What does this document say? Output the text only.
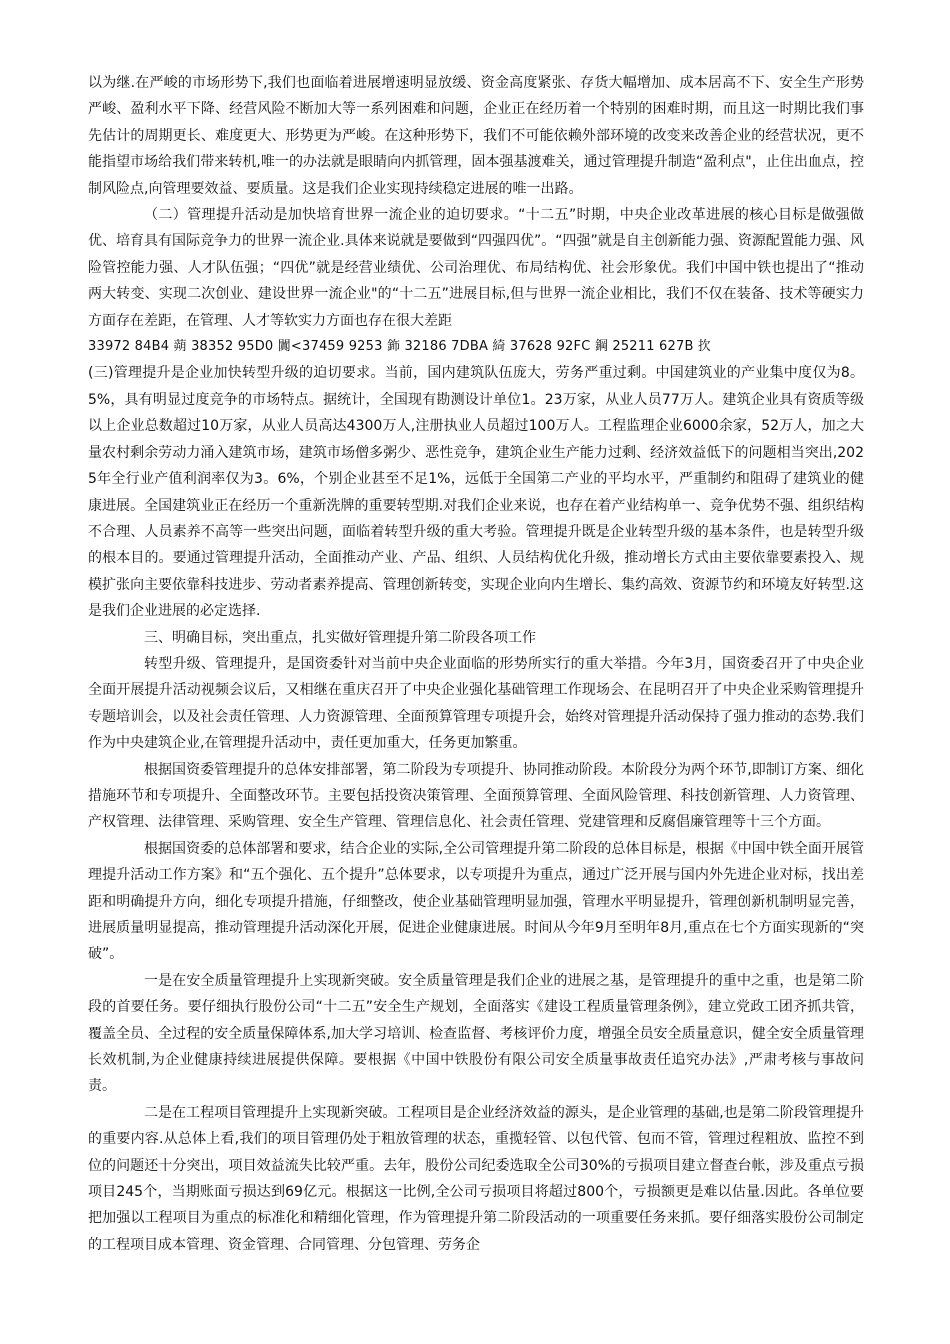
以为继.在严峻的市场形势下,我们也面临着进展增速明显放缓、资金高度紧张、存货大幅增加、成本居高不下、安全生产形势严峻、盈利水平下降、经营风险不断加大等一系列困难和问题，企业正在经历着一个特别的困难时期，而且这一时期比我们事先估计的周期更长、难度更大、形势更为严峻。在这种形势下，我们不可能依赖外部环境的改变来改善企业的经营状况，更不能指望市场给我们带来转机,唯一的办法就是眼睛向内抓管理，固本强基渡难关，通过管理提升制造“盈利点"，止住出血点，控制风险点,向管理要效益、要质量。这是我们企业实现持续稳定进展的唯一出路。

（二）管理提升活动是加快培育世界一流企业的迫切要求。“十二五”时期，中央企业改革进展的核心目标是做强做优、培育具有国际竞争力的世界一流企业.具体来说就是要做到“四强四优”。“四强”就是自主创新能力强、资源配置能力强、风险管控能力强、人才队伍强；“四优”就是经营业绩优、公司治理优、布局结构优、社会形象优。我们中国中铁也提出了“推动两大转变、实现二次创业、建设世界一流企业"的“十二五”进展目标,但与世界一流企业相比，我们不仅在装备、技术等硬实力方面存在差距，在管理、人才等软实力方面也存在很大差距

33972 84B4 蒴 38352 95D0 闐<37459 9253 鉓 32186 7DBA 綺 37628 92FC 鋼 25211 627B 扻

(三)管理提升是企业加快转型升级的迫切要求。当前，国内建筑队伍庞大，劳务严重过剩。中国建筑业的产业集中度仅为8。5%，具有明显过度竞争的市场特点。据统计，全国现有勘测设计单位1。23万家，从业人员77万人。建筑企业具有资质等级以上企业总数超过10万家，从业人员高达4300万人,注册执业人员超过100万人。工程监理企业6000余家，52万人，加之大量农村剩余劳动力涌入建筑市场，建筑市场僧多粥少、恶性竞争，建筑企业生产能力过剩、经济效益低下的问题相当突出,2025年全行业产值利润率仅为3。6%，个别企业甚至不足1%，远低于全国第二产业的平均水平，严重制约和阻碍了建筑业的健康进展。全国建筑业正在经历一个重新洗牌的重要转型期.对我们企业来说，也存在着产业结构单一、竞争优势不强、组织结构不合理、人员素养不高等一些突出问题，面临着转型升级的重大考验。管理提升既是企业转型升级的基本条件，也是转型升级的根本目的。要通过管理提升活动，全面推动产业、产品、组织、人员结构优化升级，推动增长方式由主要依靠要素投入、规模扩张向主要依靠科技进步、劳动者素养提高、管理创新转变，实现企业向内生增长、集约高效、资源节约和环境友好转型.这是我们企业进展的必定选择.

三、明确目标，突出重点，扎实做好管理提升第二阶段各项工作

转型升级、管理提升，是国资委针对当前中央企业面临的形势所实行的重大举措。今年3月，国资委召开了中央企业全面开展提升活动视频会议后，又相继在重庆召开了中央企业强化基础管理工作现场会、在昆明召开了中央企业采购管理提升专题培训会，以及社会责任管理、人力资源管理、全面预算管理专项提升会，始终对管理提升活动保持了强力推动的态势.我们作为中央建筑企业,在管理提升活动中，责任更加重大，任务更加繁重。

根据国资委管理提升的总体安排部署，第二阶段为专项提升、协同推动阶段。本阶段分为两个环节,即制订方案、细化措施环节和专项提升、全面整改环节。主要包括投资决策管理、全面预算管理、全面风险管理、科技创新管理、人力资管理、产权管理、法律管理、采购管理、安全生产管理、管理信息化、社会责任管理、党建管理和反腐倡廉管理等十三个方面。

根据国资委的总体部署和要求，结合企业的实际,全公司管理提升第二阶段的总体目标是，根据《中国中铁全面开展管理提升活动工作方案》和“五个强化、五个提升”总体要求，以专项提升为重点，通过广泛开展与国内外先进企业对标，找出差距和明确提升方向，细化专项提升措施，仔细整改，使企业基础管理明显加强，管理水平明显提升，管理创新机制明显完善，进展质量明显提高，推动管理提升活动深化开展，促进企业健康进展。时间从今年9月至明年8月,重点在七个方面实现新的“突破”。

一是在安全质量管理提升上实现新突破。安全质量管理是我们企业的进展之基，是管理提升的重中之重，也是第二阶段的首要任务。要仔细执行股份公司“十二五”安全生产规划，全面落实《建设工程质量管理条例》，建立党政工团齐抓共管，覆盖全员、全过程的安全质量保障体系,加大学习培训、检查监督、考核评价力度，增强全员安全质量意识，健全安全质量管理长效机制,为企业健康持续进展提供保障。要根据《中国中铁股份有限公司安全质量事故责任追究办法》,严肃考核与事故问责。

二是在工程项目管理提升上实现新突破。工程项目是企业经济效益的源头，是企业管理的基础,也是第二阶段管理提升的重要内容.从总体上看,我们的项目管理仍处于粗放管理的状态，重揽轻管、以包代管、包而不管，管理过程粗放、监控不到位的问题还十分突出，项目效益流失比较严重。去年，股份公司纪委选取全公司30%的亏损项目建立督查台帐，涉及重点亏损项目245个，当期账面亏损达到69亿元。根据这一比例,全公司亏损项目将超过800个，亏损额更是难以估量.因此。各单位要把加强以工程项目为重点的标准化和精细化管理，作为管理提升第二阶段活动的一项重要任务来抓。要仔细落实股份公司制定的工程项目成本管理、资金管理、合同管理、分包管理、劳务企
